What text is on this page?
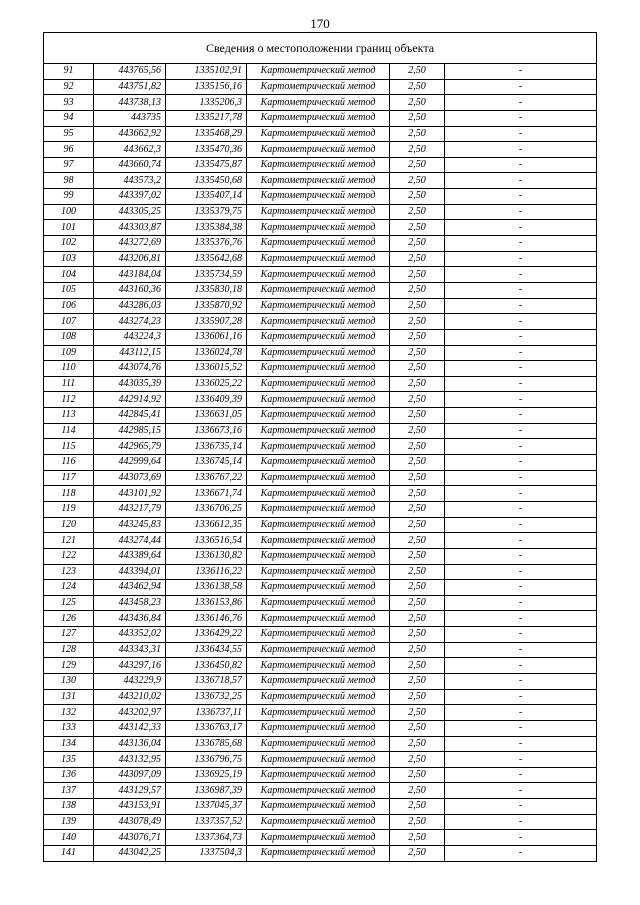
170
Сведения о местоположении границ объекта					
91	443765,56	1335102,91	Картометрический метод	2,50	-
92	443751,82	1335156,16	Картометрический метод	2,50	-
93	443738,13	1335206,3	Картометрический метод	2,50	-
94	443735	1335217,78	Картометрический метод	2,50	-
95	443662,92	1335468,29	Картометрический метод	2,50	-
96	443662,3	1335470,36	Картометрический метод	2,50	-
97	443660,74	1335475,87	Картометрический метод	2,50	-
98	443573,2	1335450,68	Картометрический метод	2,50	-
99	443397,02	1335407,14	Картометрический метод	2,50	-
100	443305,25	1335379,75	Картометрический метод	2,50	-
101	443303,87	1335384,38	Картометрический метод	2,50	-
102	443272,69	1335376,76	Картометрический метод	2,50	-
103	443206,81	1335642,68	Картометрический метод	2,50	-
104	443184,04	1335734,59	Картометрический метод	2,50	-
105	443160,36	1335830,18	Картометрический метод	2,50	-
106	443286,03	1335870,92	Картометрический метод	2,50	-
107	443274,23	1335907,28	Картометрический метод	2,50	-
108	443224,3	1336061,16	Картометрический метод	2,50	-
109	443112,15	1336024,78	Картометрический метод	2,50	-
110	443074,76	1336015,52	Картометрический метод	2,50	-
111	443035,39	1336025,22	Картометрический метод	2,50	-
112	442914,92	1336409,39	Картометрический метод	2,50	-
113	442845,41	1336631,05	Картометрический метод	2,50	-
114	442985,15	1336673,16	Картометрический метод	2,50	-
115	442965,79	1336735,14	Картометрический метод	2,50	-
116	442999,64	1336745,14	Картометрический метод	2,50	-
117	443073,69	1336767,22	Картометрический метод	2,50	-
118	443101,92	1336671,74	Картометрический метод	2,50	-
119	443217,79	1336706,25	Картометрический метод	2,50	-
120	443245,83	1336612,35	Картометрический метод	2,50	-
121	443274,44	1336516,54	Картометрический метод	2,50	-
122	443389,64	1336130,82	Картометрический метод	2,50	-
123	443394,01	1336116,22	Картометрический метод	2,50	-
124	443462,94	1336138,58	Картометрический метод	2,50	-
125	443458,23	1336153,86	Картометрический метод	2,50	-
126	443436,84	1336146,76	Картометрический метод	2,50	-
127	443352,02	1336429,22	Картометрический метод	2,50	-
128	443343,31	1336434,55	Картометрический метод	2,50	-
129	443297,16	1336450,82	Картометрический метод	2,50	-
130	443229,9	1336718,57	Картометрический метод	2,50	-
131	443210,02	1336732,25	Картометрический метод	2,50	-
132	443202,97	1336737,11	Картометрический метод	2,50	-
133	443142,33	1336763,17	Картометрический метод	2,50	-
134	443136,04	1336785,68	Картометрический метод	2,50	-
135	443132,95	1336796,75	Картометрический метод	2,50	-
136	443097,09	1336925,19	Картометрический метод	2,50	-
137	443129,57	1336987,39	Картометрический метод	2,50	-
138	443153,91	1337045,37	Картометрический метод	2,50	-
139	443078,49	1337357,52	Картометрический метод	2,50	-
140	443076,71	1337364,73	Картометрический метод	2,50	-
141	443042,25	1337504,3	Картометрический метод	2,50	-
